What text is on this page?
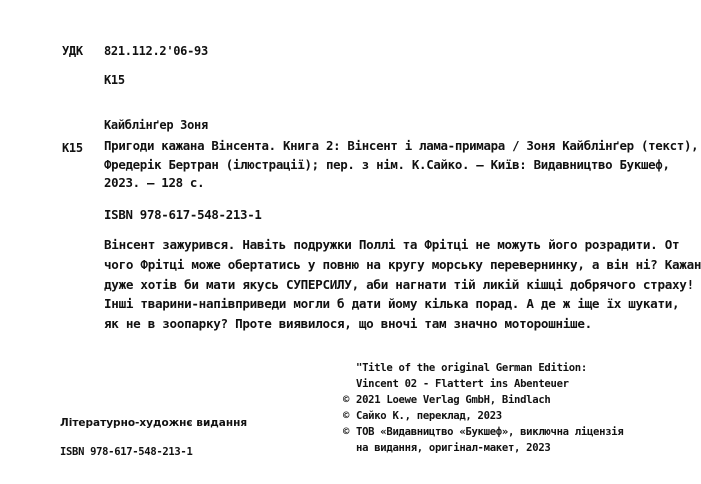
УДК 821.112.2'06-93
К15
Кайблінґер Зоня
К15 Пригоди кажана Вінсента. Книга 2: Вінсент і лама-примара / Зоня Кайблінґер (текст),
Фредерік Бертран (ілюстрації); пер. з нім. К.Сайко. — Київ: Видавництво Букшеф,
2023. — 128 с.
ISBN 978-617-548-213-1
Вінсент зажурився. Навіть подружки Поллі та Фрітці не можуть його розрадити. От
чого Фрітці може обертатись у повню на кругу морську перевернинку, а він ні? Кажан
дуже хотів би мати якусь СУПЕРСИЛУ, аби нагнати тій ликій кішці добрячого страху!
Інші тварини-напівприведи могли б дати йому кілька порад. А де ж іще їх шукати,
як не в зоопарку? Проте виявилося, що вночі там значно моторошніше.
"Title of the original German Edition:
Vincent 02 - Flattert ins Abenteuer
© 2021 Loewe Verlag GmbH, Bindlach
© Сайко К., переклад, 2023
© ТОВ «Видавництво «Букшеф», виключна ліцензія
на видання, оригінал-макет, 2023
Літературно-художнє видання
ISBN 978-617-548-213-1
